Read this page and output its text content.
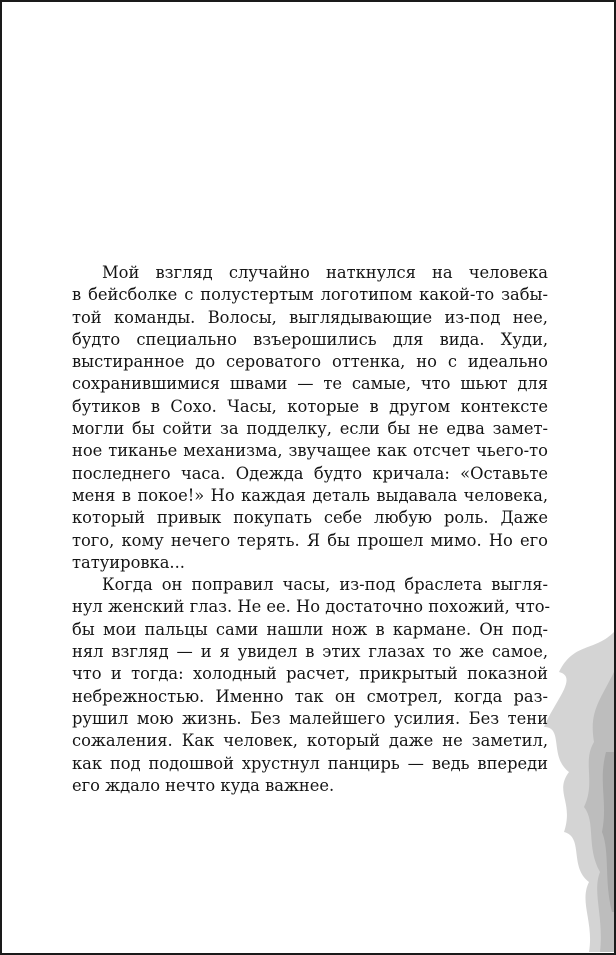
Мой взгляд случайно наткнулся на человека
в бейсболке с полустертым логотипом какой-то забы-
той команды. Волосы, выглядывающие из-под нее,
будто специально взъерошились для вида. Худи,
выстиранное до сероватого оттенка, но с идеально
сохранившимися швами — те самые, что шьют для
бутиков в Сохо. Часы, которые в другом контексте
могли бы сойти за подделку, если бы не едва замет-
ное тиканье механизма, звучащее как отсчет чьего-то
последнего часа. Одежда будто кричала: «Оставьте
меня в покое!» Но каждая деталь выдавала человека,
который привык покупать себе любую роль. Даже
того, кому нечего терять. Я бы прошел мимо. Но его
татуировка...
Когда он поправил часы, из-под браслета выгля-
нул женский глаз. Не ее. Но достаточно похожий, что-
бы мои пальцы сами нашли нож в кармане. Он под-
нял взгляд — и я увидел в этих глазах то же самое,
что и тогда: холодный расчет, прикрытый показной
небрежностью. Именно так он смотрел, когда раз-
рушил мою жизнь. Без малейшего усилия. Без тени
сожаления. Как человек, который даже не заметил,
как под подошвой хрустнул панцирь — ведь впереди
его ждало нечто куда важнее.
